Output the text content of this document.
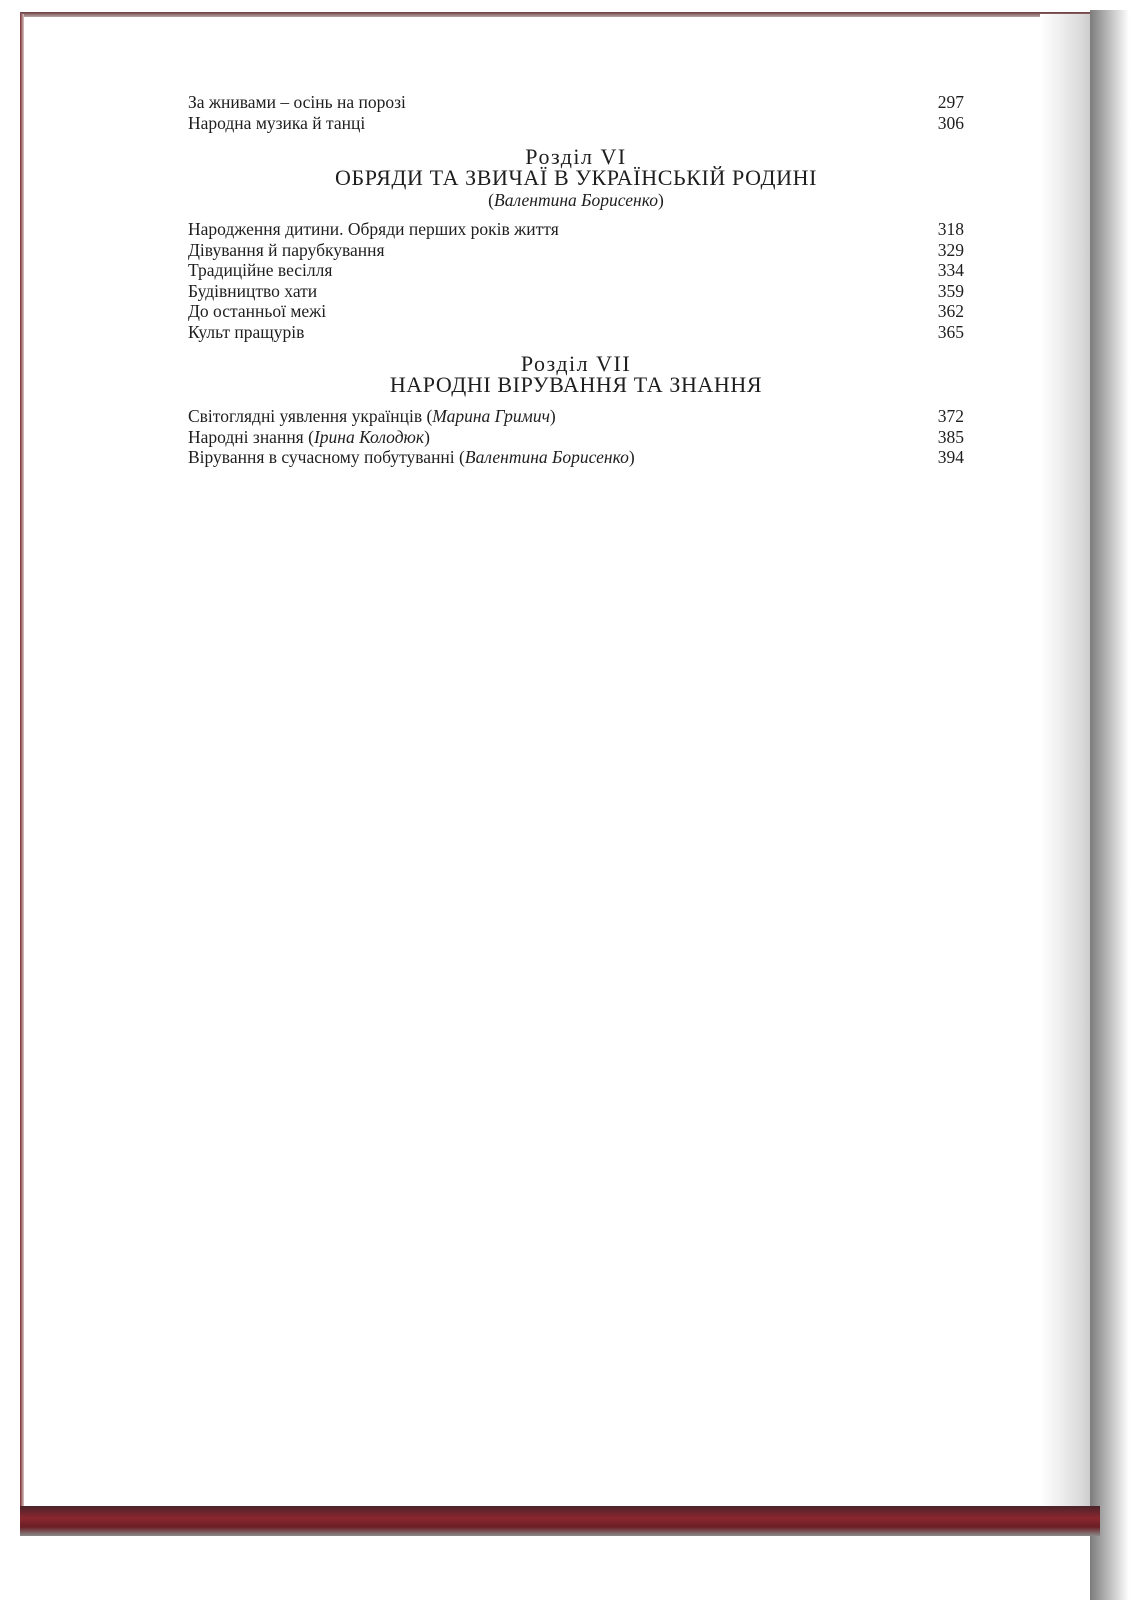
За жнивами – осінь на порозі	297
Народна музика й танці	306
Розділ VI
ОБРЯДИ ТА ЗВИЧАЇ В УКРАЇНСЬКІЙ РОДИНІ
(Валентина Борисенко)
Народження дитини. Обряди перших років життя	318
Дівування й парубкування	329
Традиційне весілля	334
Будівництво хати	359
До останньої межі	362
Культ пращурів	365
Розділ VII
НАРОДНІ ВІРУВАННЯ ТА ЗНАННЯ
Світоглядні уявлення українців (Марина Гримич)	372
Народні знання (Ірина Колодюк)	385
Вірування в сучасному побутуванні (Валентина Борисенко)	394
